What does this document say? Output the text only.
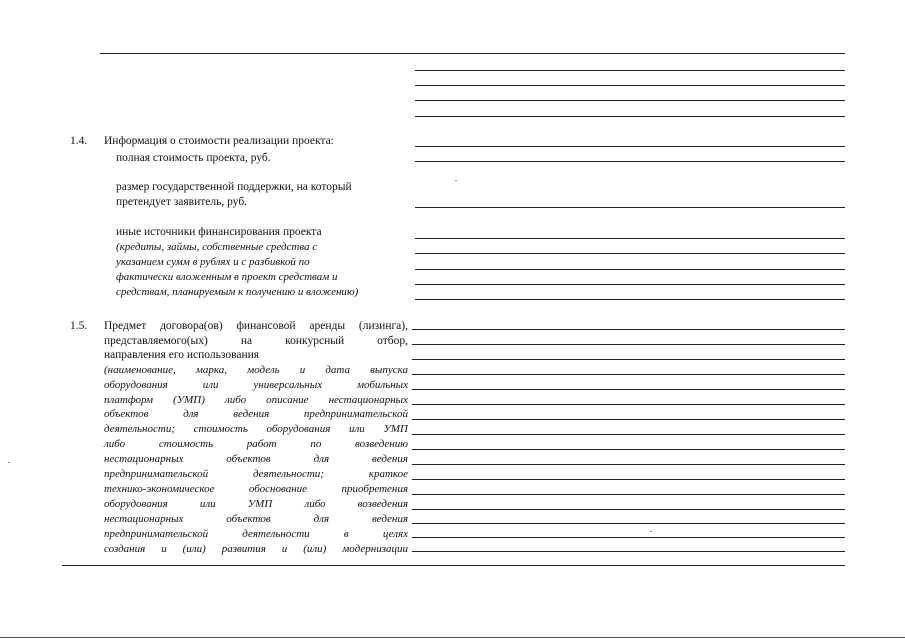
1.4. Информация о стоимости реализации проекта:
полная стоимость проекта, руб.
размер государственной поддержки, на который
претендует заявитель, руб.
иные источники финансирования проекта
(кредиты, займы, собственные средства с
указанием сумм в рублях и с разбивкой по
фактически вложенным в проект средствам и
средствам, планируемым к получению и вложению)
1.5. Предмет договора(ов) финансовой аренды (лизинга),
представляемого(ых) на конкурсный отбор,
направления его использования
(наименование, марка, модель и дата выпуска
оборудования или универсальных мобильных
платформ (УМП) либо описание нестационарных
объектов для ведения предпринимательской
деятельности; стоимость оборудования или УМП
либо стоимость работ по возведению
нестационарных объектов для ведения
предпринимательской деятельности; краткое
технико-экономическое обоснование приобретения
оборудования или УМП либо возведения
нестационарных объектов для ведения
предпринимательской деятельности в целях
создания и (или) развития и (или) модернизации
